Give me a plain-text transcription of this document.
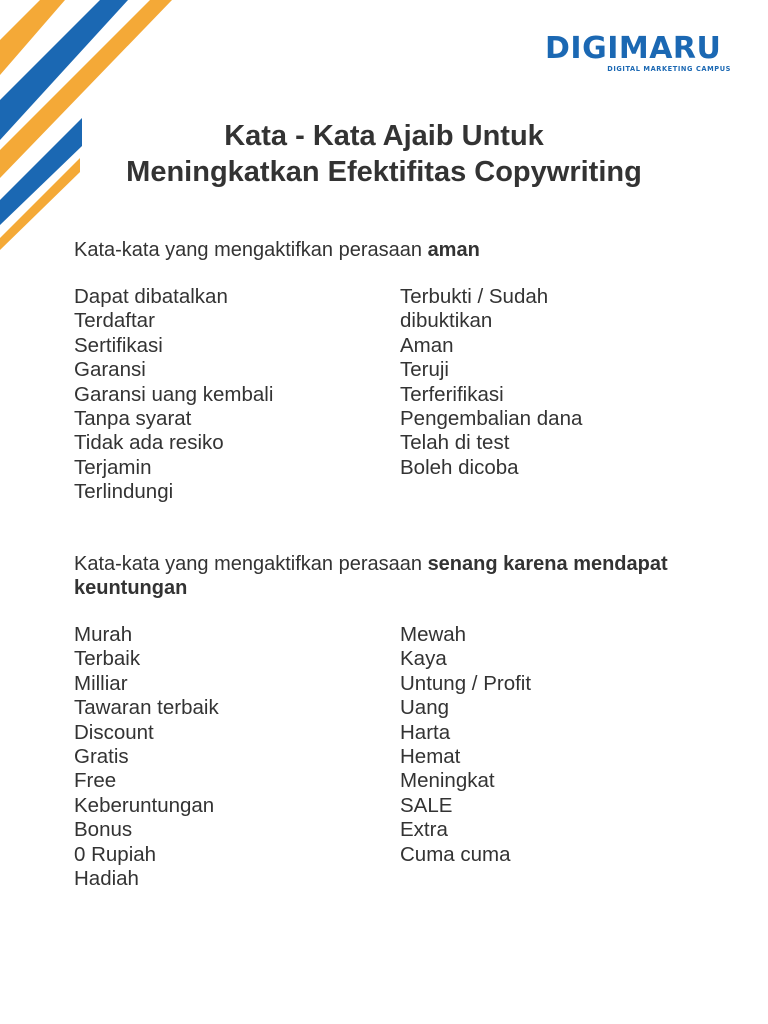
DIGIMARU
DIGITAL MARKETING CAMPUS
Kata - Kata Ajaib Untuk
Meningkatkan Efektifitas Copywriting
Kata-kata yang mengaktifkan perasaan aman
Dapat dibatalkan
Terdaftar
Sertifikasi
Garansi
Garansi uang kembali
Tanpa syarat
Tidak ada resiko
Terjamin
Terlindungi
Terbukti / Sudah
dibuktikan
Aman
Teruji
Terferifikasi
Pengembalian dana
Telah di test
Boleh dicoba
Kata-kata yang mengaktifkan perasaan senang karena mendapat keuntungan
Murah
Terbaik
Milliar
Tawaran terbaik
Discount
Gratis
Free
Keberuntungan
Bonus
0 Rupiah
Hadiah
Mewah
Kaya
Untung / Profit
Uang
Harta
Hemat
Meningkat
SALE
Extra
Cuma cuma
